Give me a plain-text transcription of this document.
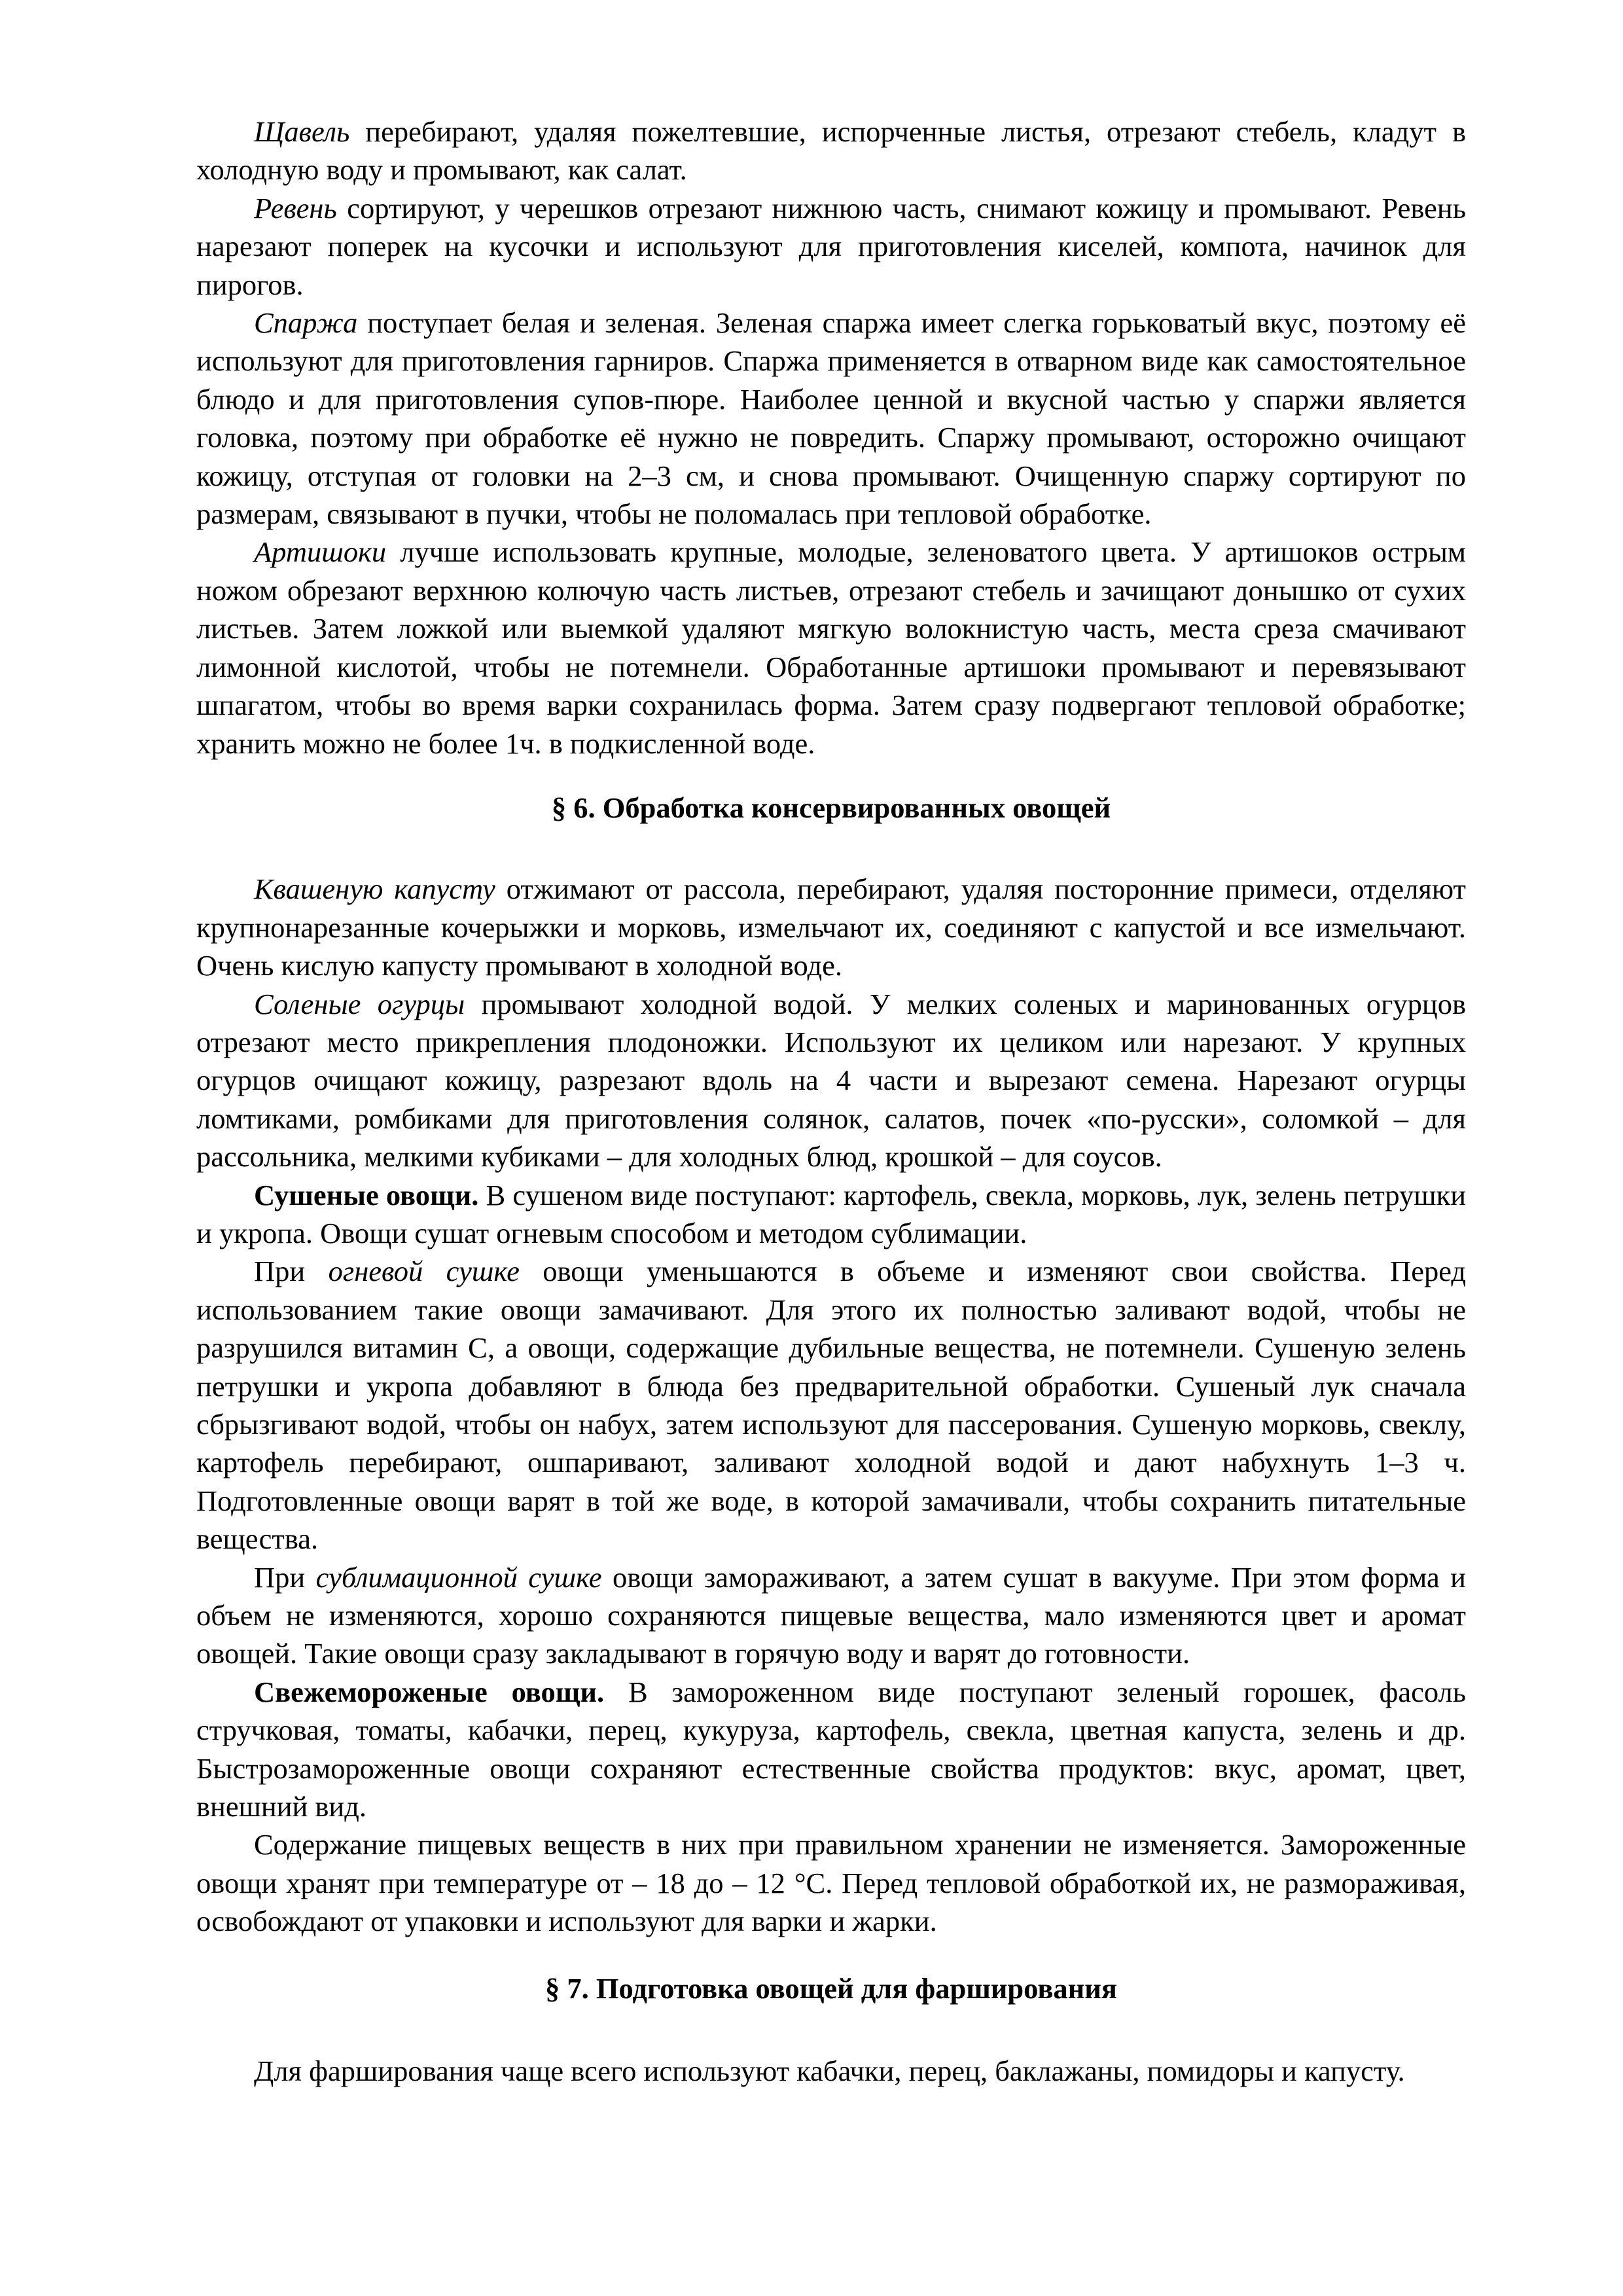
Щавель перебирают, удаляя пожелтевшие, испорченные листья, отрезают стебель, кладут в холодную воду и промывают, как салат.

Ревень сортируют, у черешков отрезают нижнюю часть, снимают кожицу и промывают. Ревень нарезают поперек на кусочки и используют для приготовления киселей, компота, начинок для пирогов.

Спаржа поступает белая и зеленая. Зеленая спаржа имеет слегка горьковатый вкус, поэтому её используют для приготовления гарниров. Спаржа применяется в отварном виде как самостоятельное блюдо и для приготовления супов-пюре. Наиболее ценной и вкусной частью у спаржи является головка, поэтому при обработке её нужно не повредить. Спаржу промывают, осторожно очищают кожицу, отступая от головки на 2–3 см, и снова промывают. Очищенную спаржу сортируют по размерам, связывают в пучки, чтобы не поломалась при тепловой обработке.

Артишоки лучше использовать крупные, молодые, зеленоватого цвета. У артишоков острым ножом обрезают верхнюю колючую часть листьев, отрезают стебель и зачищают донышко от сухих листьев. Затем ложкой или выемкой удаляют мягкую волокнистую часть, места среза смачивают лимонной кислотой, чтобы не потемнели. Обработанные артишоки промывают и перевязывают шпагатом, чтобы во время варки сохранилась форма. Затем сразу подвергают тепловой обработке; хранить можно не более 1ч. в подкисленной воде.

§ 6. Обработка консервированных овощей

Квашеную капусту отжимают от рассола, перебирают, удаляя посторонние примеси, отделяют крупнонарезанные кочерыжки и морковь, измельчают их, соединяют с капустой и все измельчают. Очень кислую капусту промывают в холодной воде.

Соленые огурцы промывают холодной водой. У мелких соленых и маринованных огурцов отрезают место прикрепления плодоножки. Используют их целиком или нарезают. У крупных огурцов очищают кожицу, разрезают вдоль на 4 части и вырезают семена. Нарезают огурцы ломтиками, ромбиками для приготовления солянок, салатов, почек «по-русски», соломкой – для рассольника, мелкими кубиками – для холодных блюд, крошкой – для соусов.

Сушеные овощи. В сушеном виде поступают: картофель, свекла, морковь, лук, зелень петрушки и укропа. Овощи сушат огневым способом и методом сублимации.

При огневой сушке овощи уменьшаются в объеме и изменяют свои свойства. Перед использованием такие овощи замачивают. Для этого их полностью заливают водой, чтобы не разрушился витамин С, а овощи, содержащие дубильные вещества, не потемнели. Сушеную зелень петрушки и укропа добавляют в блюда без предварительной обработки. Сушеный лук сначала сбрызгивают водой, чтобы он набух, затем используют для пассерования. Сушеную морковь, свеклу, картофель перебирают, ошпаривают, заливают холодной водой и дают набухнуть 1–3 ч. Подготовленные овощи варят в той же воде, в которой замачивали, чтобы сохранить питательные вещества.

При сублимационной сушке овощи замораживают, а затем сушат в вакууме. При этом форма и объем не изменяются, хорошо сохраняются пищевые вещества, мало изменяются цвет и аромат овощей. Такие овощи сразу закладывают в горячую воду и варят до готовности.

Свежемороженые овощи. В замороженном виде поступают зеленый горошек, фасоль стручковая, томаты, кабачки, перец, кукуруза, картофель, свекла, цветная капуста, зелень и др. Быстрозамороженные овощи сохраняют естественные свойства продуктов: вкус, аромат, цвет, внешний вид.

Содержание пищевых веществ в них при правильном хранении не изменяется. Замороженные овощи хранят при температуре от – 18 до – 12 °С. Перед тепловой обработкой их, не размораживая, освобождают от упаковки и используют для варки и жарки.

§ 7. Подготовка овощей для фарширования

Для фарширования чаще всего используют кабачки, перец, баклажаны, помидоры и капусту.
